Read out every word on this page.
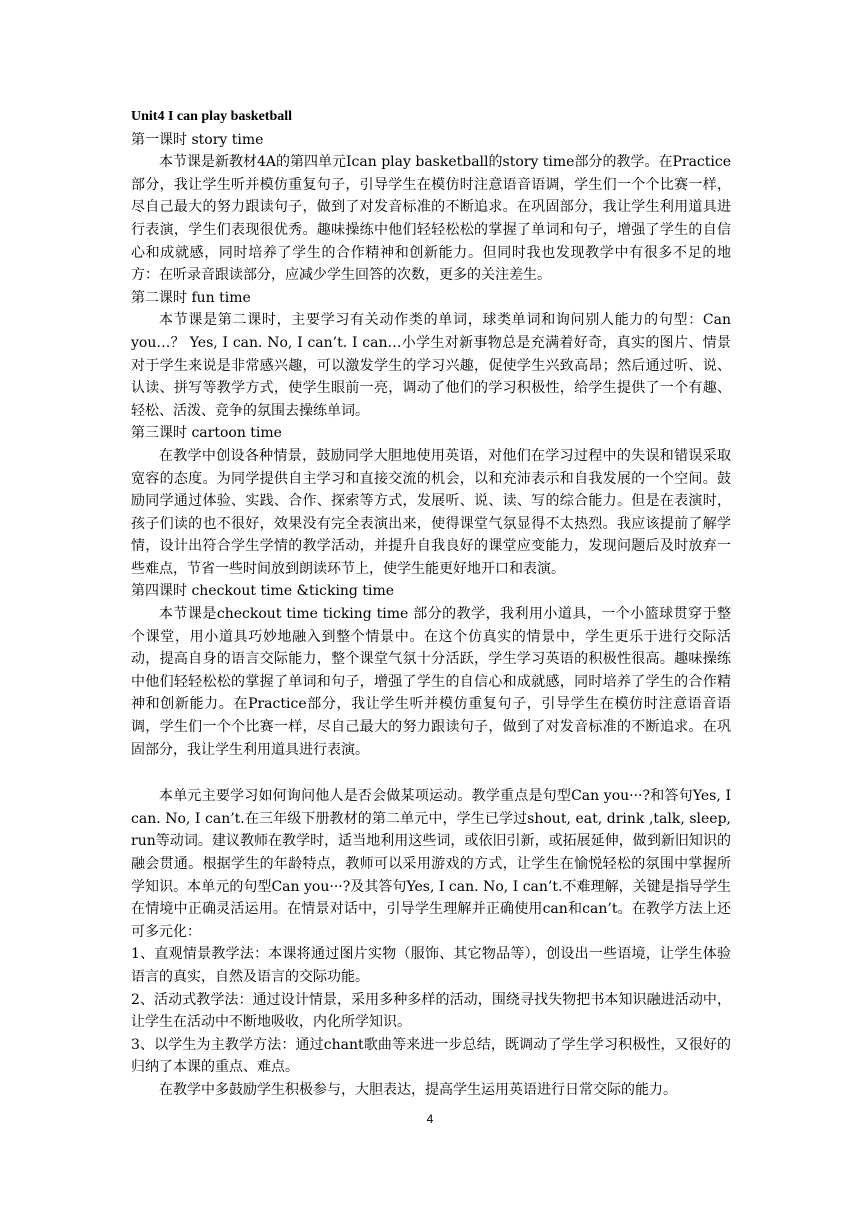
Unit4 I can play basketball

第一课时 story time

本节课是新教材4A的第四单元Ican play basketball的story time部分的教学。在Practice部分，我让学生听并模仿重复句子，引导学生在模仿时注意语音语调，学生们一个个比赛一样，尽自己最大的努力跟读句子，做到了对发音标准的不断追求。在巩固部分，我让学生利用道具进行表演，学生们表现很优秀。趣味操练中他们轻轻松松的掌握了单词和句子，增强了学生的自信心和成就感，同时培养了学生的合作精神和创新能力。但同时我也发现教学中有很多不足的地方：在听录音跟读部分，应减少学生回答的次数，更多的关注差生。

第二课时 fun time

本节课是第二课时，主要学习有关动作类的单词，球类单词和询问别人能力的句型：Can you…？ Yes, I can. No, I can’t. I can…小学生对新事物总是充满着好奇，真实的图片、情景对于学生来说是非常感兴趣，可以激发学生的学习兴趣，促使学生兴致高昂；然后通过听、说、认读、拼写等教学方式，使学生眼前一亮，调动了他们的学习积极性，给学生提供了一个有趣、轻松、活泼、竞争的氛围去操练单词。

第三课时 cartoon time

在教学中创设各种情景，鼓励同学大胆地使用英语，对他们在学习过程中的失误和错误采取宽容的态度。为同学提供自主学习和直接交流的机会，以和充沛表示和自我发展的一个空间。鼓励同学通过体验、实践、合作、探索等方式，发展听、说、读、写的综合能力。但是在表演时，孩子们读的也不很好，效果没有完全表演出来，使得课堂气氛显得不太热烈。我应该提前了解学情，设计出符合学生学情的教学活动，并提升自我良好的课堂应变能力，发现问题后及时放弃一些难点，节省一些时间放到朗读环节上，使学生能更好地开口和表演。

第四课时 checkout time &ticking time

本节课是checkout time ticking time 部分的教学，我利用小道具，一个小篮球贯穿于整个课堂，用小道具巧妙地融入到整个情景中。在这个仿真实的情景中，学生更乐于进行交际活动，提高自身的语言交际能力，整个课堂气氛十分活跃，学生学习英语的积极性很高。趣味操练中他们轻轻松松的掌握了单词和句子，增强了学生的自信心和成就感，同时培养了学生的合作精神和创新能力。在Practice部分，我让学生听并模仿重复句子，引导学生在模仿时注意语音语调，学生们一个个比赛一样，尽自己最大的努力跟读句子，做到了对发音标准的不断追求。在巩固部分，我让学生利用道具进行表演。

本单元主要学习如何询问他人是否会做某项运动。教学重点是句型Can you···?和答句Yes, I can. No, I can’t.在三年级下册教材的第二单元中，学生已学过shout, eat, drink ,talk, sleep, run等动词。建议教师在教学时，适当地利用这些词，或依旧引新，或拓展延伸，做到新旧知识的融会贯通。根据学生的年龄特点，教师可以采用游戏的方式，让学生在愉悦轻松的氛围中掌握所学知识。本单元的句型Can you···?及其答句Yes, I can. No, I can’t.不难理解，关键是指导学生在情境中正确灵活运用。在情景对话中，引导学生理解并正确使用can和can’t。在教学方法上还可多元化：

1、直观情景教学法：本课将通过图片实物（服饰、其它物品等），创设出一些语境，让学生体验语言的真实，自然及语言的交际功能。

2、活动式教学法：通过设计情景，采用多种多样的活动，围绕寻找失物把书本知识融进活动中，让学生在活动中不断地吸收，内化所学知识。

3、以学生为主教学方法：通过chant歌曲等来进一步总结，既调动了学生学习积极性，又很好的归纳了本课的重点、难点。

在教学中多鼓励学生积极参与，大胆表达，提高学生运用英语进行日常交际的能力。

4
